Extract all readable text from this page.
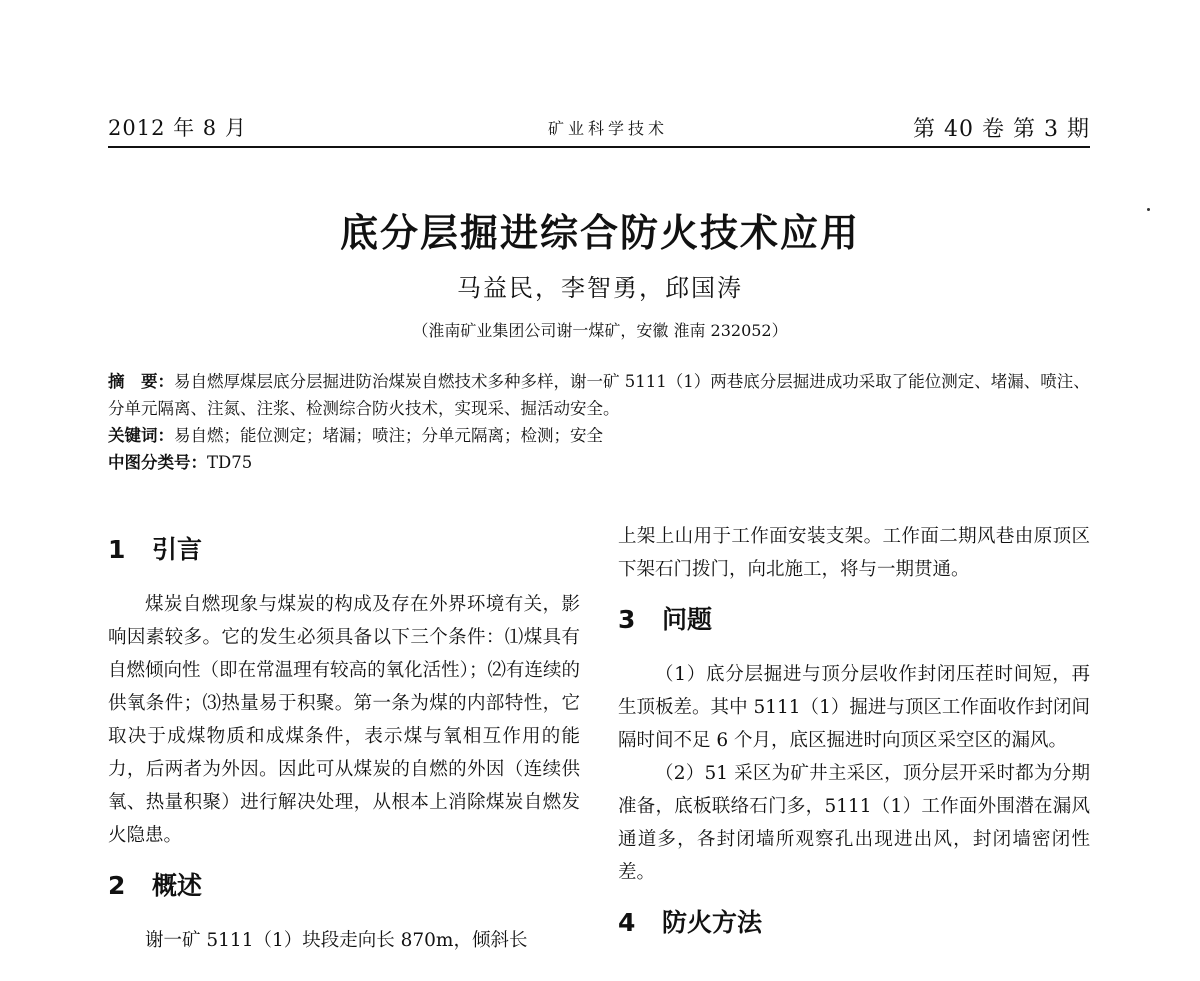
2012 年 8 月	矿业科学技术	第 40 卷 第 3 期
底分层掘进综合防火技术应用
马益民，李智勇，邱国涛
（淮南矿业集团公司谢一煤矿，安徽 淮南 232052）

摘　要：易自燃厚煤层底分层掘进防治煤炭自燃技术多种多样，谢一矿 5111（1）两巷底分层掘进成功采取了能位测定、堵漏、喷注、分单元隔离、注氮、注浆、检测综合防火技术，实现采、掘活动安全。

关键词：易自燃；能位测定；堵漏；喷注；分单元隔离；检测；安全

中图分类号：TD75

1 引言

煤炭自燃现象与煤炭的构成及存在外界环境有关，影响因素较多。它的发生必须具备以下三个条件：⑴煤具有自燃倾向性（即在常温理有较高的氧化活性）；⑵有连续的供氧条件；⑶热量易于积聚。第一条为煤的内部特性，它取决于成煤物质和成煤条件，表示煤与氧相互作用的能力，后两者为外因。因此可从煤炭的自燃的外因（连续供氧、热量积聚）进行解决处理，从根本上消除煤炭自燃发火隐患。

2 概述

谢一矿 5111（1）块段走向长 870m，倾斜长

上架上山用于工作面安装支架。工作面二期风巷由原顶区下架石门拨门，向北施工，将与一期贯通。

3 问题

（1）底分层掘进与顶分层收作封闭压茬时间短，再生顶板差。其中 5111（1）掘进与顶区工作面收作封闭间隔时间不足 6 个月，底区掘进时向顶区采空区的漏风。

（2）51 采区为矿井主采区，顶分层开采时都为分期准备，底板联络石门多，5111（1）工作面外围潜在漏风通道多，各封闭墙所观察孔出现进出风，封闭墙密闭性差。

4 防火方法
